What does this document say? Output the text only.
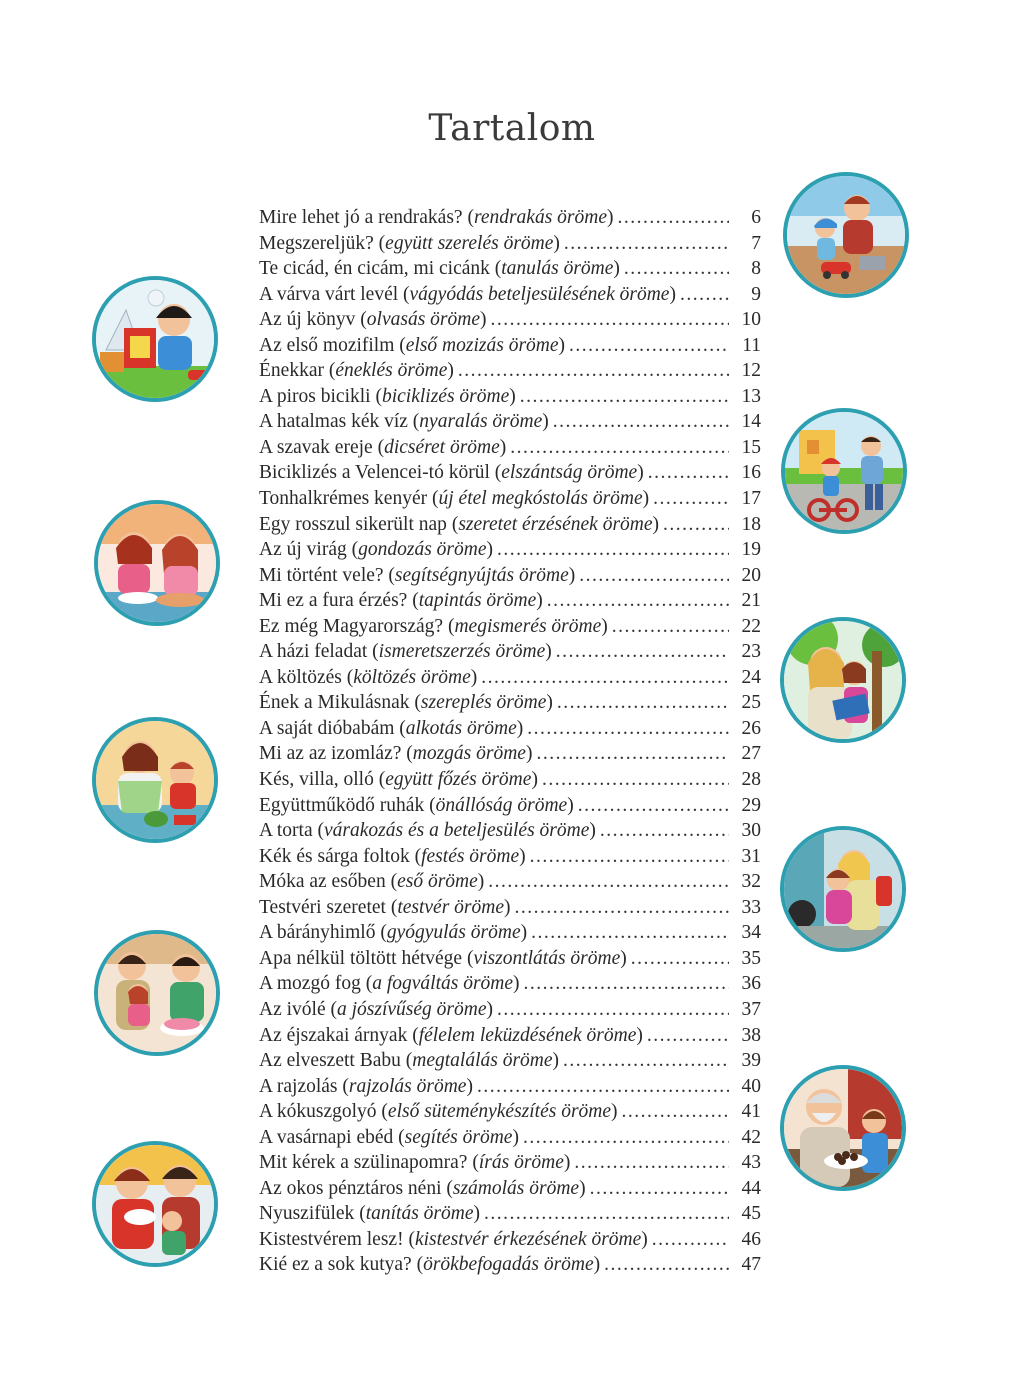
Tartalom
Mire lehet jó a rendrakás? (rendrakás öröme) .....	6
Megszereljük? (együtt szerelés öröme) .....	7
Te cicád, én cicám, mi cicánk (tanulás öröme) .....	8
A várva várt levél (vágyódás beteljesülésének öröme) .....	9
Az új könyv (olvasás öröme) .....	10
Az első mozifilm (első mozizás öröme) .....	11
Énekkar (éneklés öröme) .....	12
A piros bicikli (biciklizés öröme) .....	13
A hatalmas kék víz (nyaralás öröme) .....	14
A szavak ereje (dicséret öröme) .....	15
Biciklizés a Velencei-tó körül (elszántság öröme) .....	16
Tonhalkrémes kenyér (új étel megkóstolás öröme) .....	17
Egy rosszul sikerült nap (szeretet érzésének öröme) .....	18
Az új virág (gondozás öröme) .....	19
Mi történt vele? (segítségnyújtás öröme) .....	20
Mi ez a fura érzés? (tapintás öröme) .....	21
Ez még Magyarország? (megismerés öröme) .....	22
A házi feladat (ismeretszerzés öröme) .....	23
A költözés (költözés öröme) .....	24
Ének a Mikulásnak (szereplés öröme) .....	25
A saját dióbabám (alkotás öröme) .....	26
Mi az az izomláz? (mozgás öröme) .....	27
Kés, villa, olló (együtt főzés öröme) .....	28
Együttműködő ruhák (önállóság öröme) .....	29
A torta (várakozás és a beteljesülés öröme) .....	30
Kék és sárga foltok (festés öröme) .....	31
Móka az esőben (eső öröme) .....	32
Testvéri szeretet (testvér öröme) .....	33
A bárányhimlő (gyógyulás öröme) .....	34
Apa nélkül töltött hétvége (viszontlátás öröme) .....	35
A mozgó fog (a fogváltás öröme) .....	36
Az ivólé (a jószívűség öröme) .....	37
Az éjszakai árnyak (félelem leküzdésének öröme) .....	38
Az elveszett Babu (megtalálás öröme) .....	39
A rajzolás (rajzolás öröme) .....	40
A kókuszgolyó (első süteménykészítés öröme) .....	41
A vasárnapi ebéd (segítés öröme) .....	42
Mit kérek a szülinapomra? (írás öröme) .....	43
Az okos pénztáros néni (számolás öröme) .....	44
Nyuszifülek (tanítás öröme) .....	45
Kistestvérem lesz! (kistestvér érkezésének öröme) .....	46
Kié ez a sok kutya? (örökbefogadás öröme) .....	47
